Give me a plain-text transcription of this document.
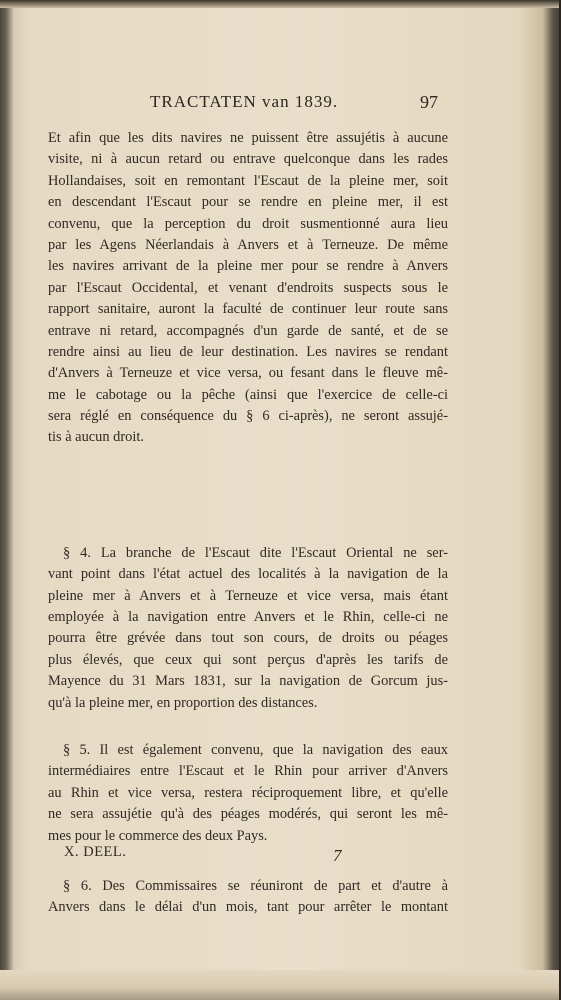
TRACTATEN van 1839.	97
Et afin que les dits navires ne puissent être assujétis à aucune
visite, ni à aucun retard ou entrave quelconque dans les rades
Hollandaises, soit en remontant l'Escaut de la pleine mer, soit
en descendant l'Escaut pour se rendre en pleine mer, il est
convenu, que la perception du droit susmentionné aura lieu
par les Agens Néerlandais à Anvers et à Terneuze. De même
les navires arrivant de la pleine mer pour se rendre à Anvers
par l'Escaut Occidental, et venant d'endroits suspects sous le
rapport sanitaire, auront la faculté de continuer leur route sans
entrave ni retard, accompagnés d'un garde de santé, et de se
rendre ainsi au lieu de leur destination. Les navires se rendant
d'Anvers à Terneuze et vice versa, ou fesant dans le fleuve mê-
me le cabotage ou la pêche (ainsi que l'exercice de celle-ci
sera réglé en conséquence du § 6 ci-après), ne seront assujé-
tis à aucun droit.
§ 4. La branche de l'Escaut dite l'Escaut Oriental ne ser-
vant point dans l'état actuel des localités à la navigation de la
pleine mer à Anvers et à Terneuze et vice versa, mais étant
employée à la navigation entre Anvers et le Rhin, celle-ci ne
pourra être grévée dans tout son cours, de droits ou péages
plus élevés, que ceux qui sont perçus d'après les tarifs de
Mayence du 31 Mars 1831, sur la navigation de Gorcum jus-
qu'à la pleine mer, en proportion des distances.
§ 5. Il est également convenu, que la navigation des eaux
intermédiaires entre l'Escaut et le Rhin pour arriver d'Anvers
au Rhin et vice versa, restera réciproquement libre, et qu'elle
ne sera assujétie qu'à des péages modérés, qui seront les mê-
mes pour le commerce des deux Pays.
§ 6. Des Commissaires se réuniront de part et d'autre à
Anvers dans le délai d'un mois, tant pour arrêter le montant
X. DEEL.	7
